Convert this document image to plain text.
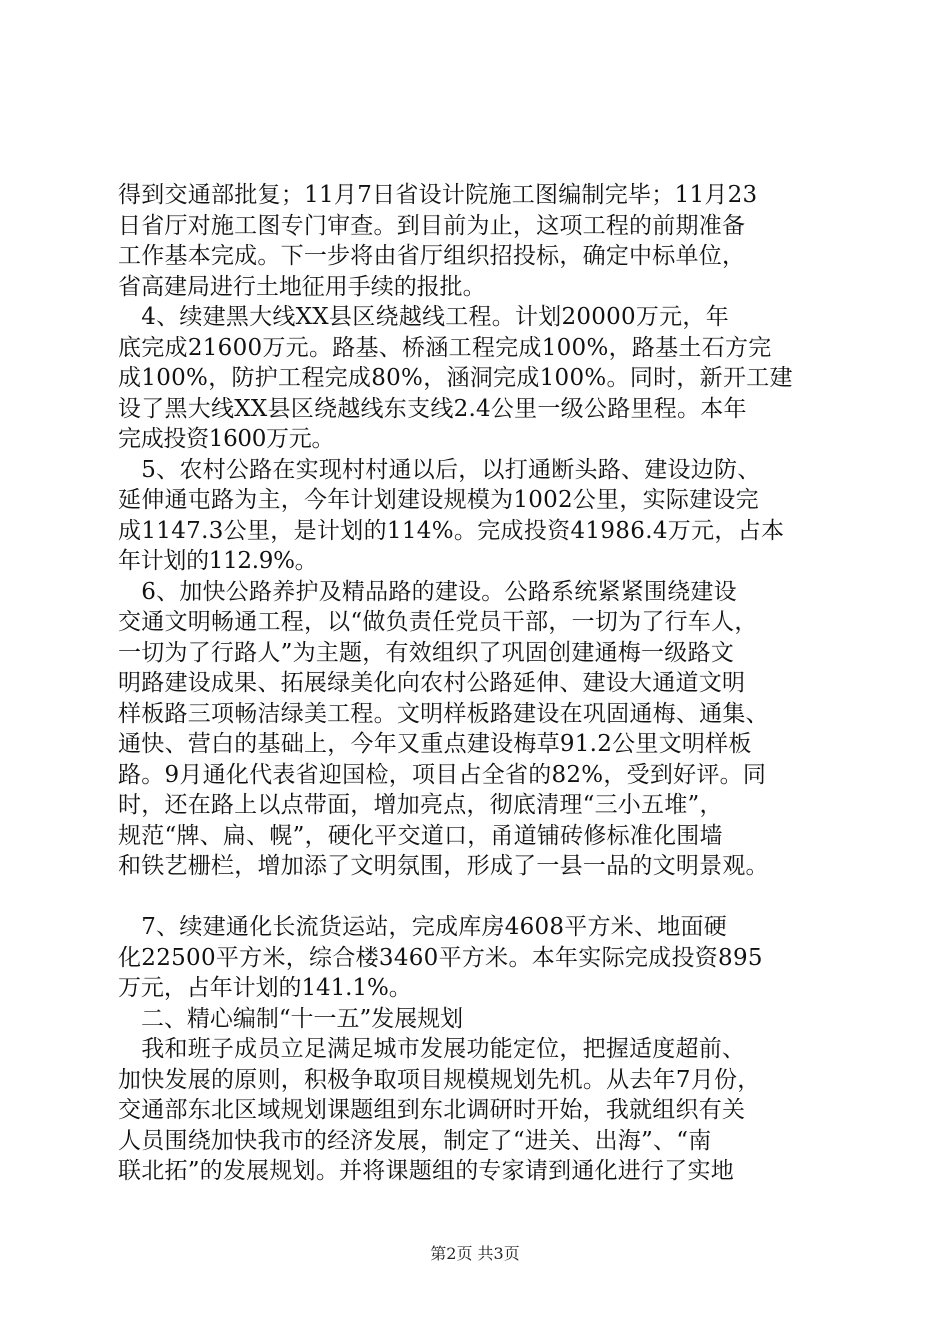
得到交通部批复；11月7日省设计院施工图编制完毕；11月23
日省厅对施工图专门审查。到目前为止，这项工程的前期准备
工作基本完成。下一步将由省厅组织招投标，确定中标单位，
省高建局进行土地征用手续的报批。
　4、续建黑大线XX县区绕越线工程。计划20000万元，年
底完成21600万元。路基、桥涵工程完成100%，路基土石方完
成100%，防护工程完成80%，涵洞完成100%。同时，新开工建
设了黑大线XX县区绕越线东支线2.4公里一级公路里程。本年
完成投资1600万元。
　5、农村公路在实现村村通以后，以打通断头路、建设边防、
延伸通屯路为主，今年计划建设规模为1002公里，实际建设完
成1147.3公里，是计划的114%。完成投资41986.4万元，占本
年计划的112.9%。
　6、加快公路养护及精品路的建设。公路系统紧紧围绕建设
交通文明畅通工程，以“做负责任党员干部，一切为了行车人，
一切为了行路人”为主题，有效组织了巩固创建通梅一级路文
明路建设成果、拓展绿美化向农村公路延伸、建设大通道文明
样板路三项畅洁绿美工程。文明样板路建设在巩固通梅、通集、
通快、营白的基础上，今年又重点建设梅草91.2公里文明样板
路。9月通化代表省迎国检，项目占全省的82%，受到好评。同
时，还在路上以点带面，增加亮点，彻底清理“三小五堆”，
规范“牌、扁、幌”，硬化平交道口，甬道铺砖修标准化围墙
和铁艺栅栏，增加添了文明氛围，形成了一县一品的文明景观。
　7、续建通化长流货运站，完成库房4608平方米、地面硬
化22500平方米，综合楼3460平方米。本年实际完成投资895
万元，占年计划的141.1%。
　二、精心编制“十一五”发展规划
　我和班子成员立足满足城市发展功能定位，把握适度超前、
加快发展的原则，积极争取项目规模规划先机。从去年7月份，
交通部东北区域规划课题组到东北调研时开始，我就组织有关
人员围绕加快我市的经济发展，制定了“进关、出海”、“南
联北拓”的发展规划。并将课题组的专家请到通化进行了实地
第2页 共3页
